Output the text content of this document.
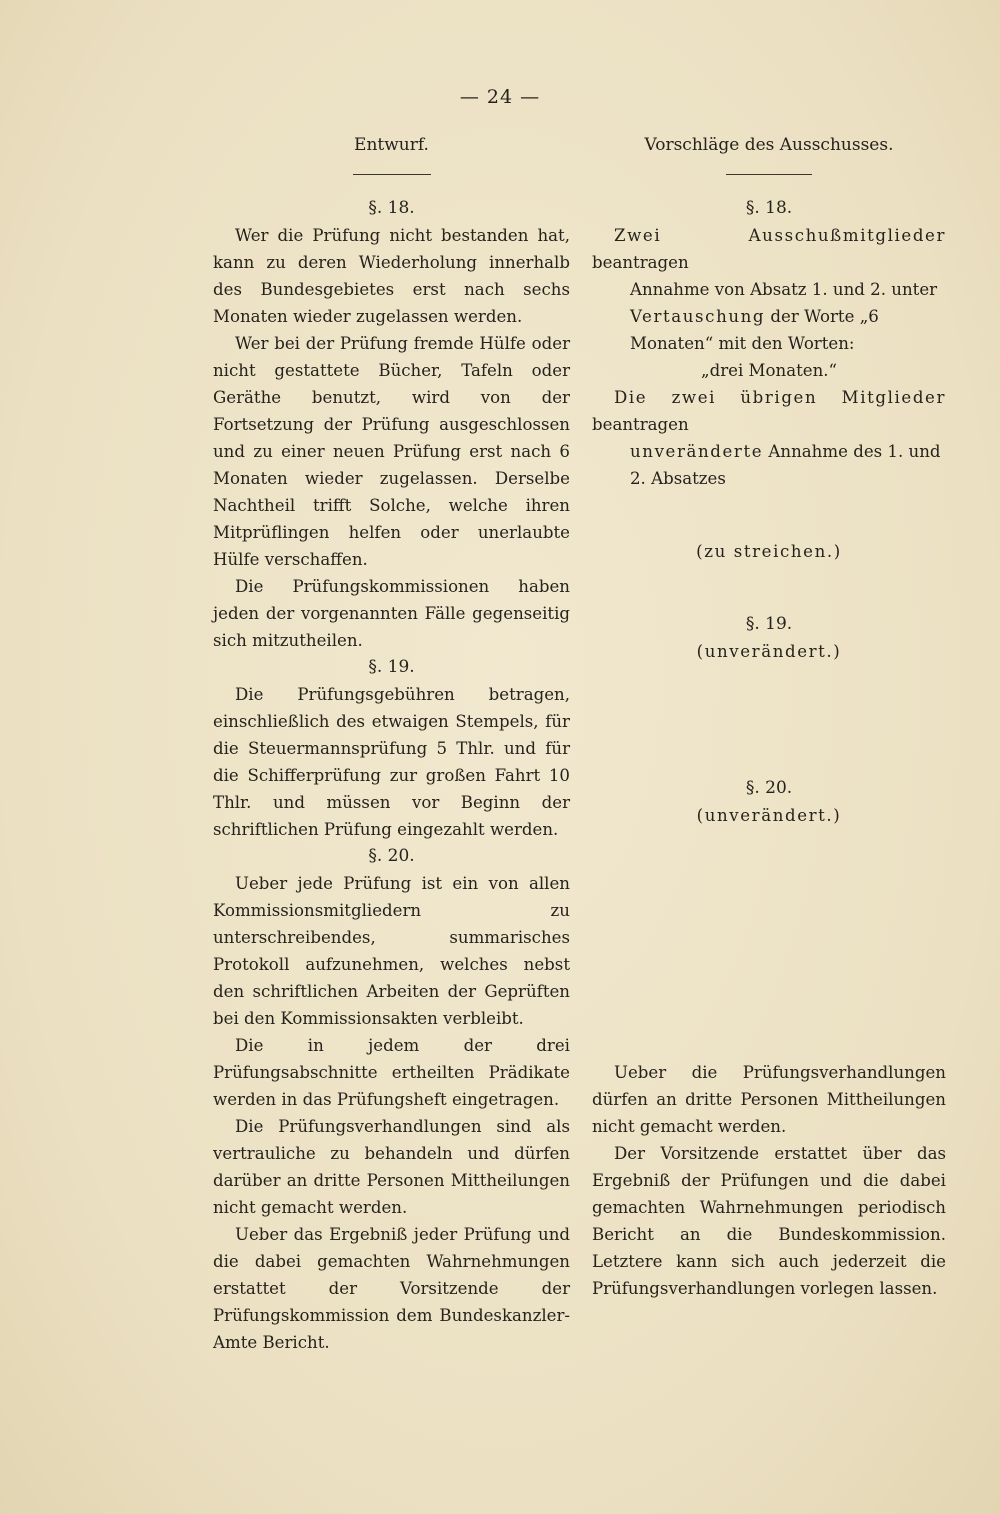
— 24 —
Entwurf.
§. 18.

Wer die Prüfung nicht bestanden hat, kann zu deren Wiederholung innerhalb des Bundesgebietes erst nach sechs Monaten wieder zugelassen werden.

Wer bei der Prüfung fremde Hülfe oder nicht gestattete Bücher, Tafeln oder Geräthe benutzt, wird von der Fortsetzung der Prüfung ausgeschlossen und zu einer neuen Prüfung erst nach 6 Monaten wieder zugelassen. Derselbe Nachtheil trifft Solche, welche ihren Mitprüflingen helfen oder unerlaubte Hülfe verschaffen.

Die Prüfungskommissionen haben jeden der vorgenannten Fälle gegenseitig sich mitzutheilen.

§. 19.

Die Prüfungsgebühren betragen, einschließlich des etwaigen Stempels, für die Steuermannsprüfung 5 Thlr. und für die Schifferprüfung zur großen Fahrt 10 Thlr. und müssen vor Beginn der schriftlichen Prüfung eingezahlt werden.

§. 20.

Ueber jede Prüfung ist ein von allen Kommissionsmitgliedern zu unterschreibendes, summarisches Protokoll aufzunehmen, welches nebst den schriftlichen Arbeiten der Geprüften bei den Kommissionsakten verbleibt.

Die in jedem der drei Prüfungsabschnitte ertheilten Prädikate werden in das Prüfungsheft eingetragen.

Die Prüfungsverhandlungen sind als vertrauliche zu behandeln und dürfen darüber an dritte Personen Mittheilungen nicht gemacht werden.

Ueber das Ergebniß jeder Prüfung und die dabei gemachten Wahrnehmungen erstattet der Vorsitzende der Prüfungskommission dem Bundeskanzler-Amte Bericht.

Vorschläge des Ausschusses.
§. 18.

Zwei Ausschußmitglieder beantragen

Annahme von Absatz 1. und 2. unter Vertauschung der Worte „6 Monaten“ mit den Worten:

„drei Monaten.“

Die zwei übrigen Mitglieder beantragen

unveränderte Annahme des 1. und 2. Absatzes

(zu streichen.)

§. 19.

(unverändert.)

§. 20.

(unverändert.)

Ueber die Prüfungsverhandlungen dürfen an dritte Personen Mittheilungen nicht gemacht werden.

Der Vorsitzende erstattet über das Ergebniß der Prüfungen und die dabei gemachten Wahrnehmungen periodisch Bericht an die Bundeskommission. Letztere kann sich auch jederzeit die Prüfungsverhandlungen vorlegen lassen.
